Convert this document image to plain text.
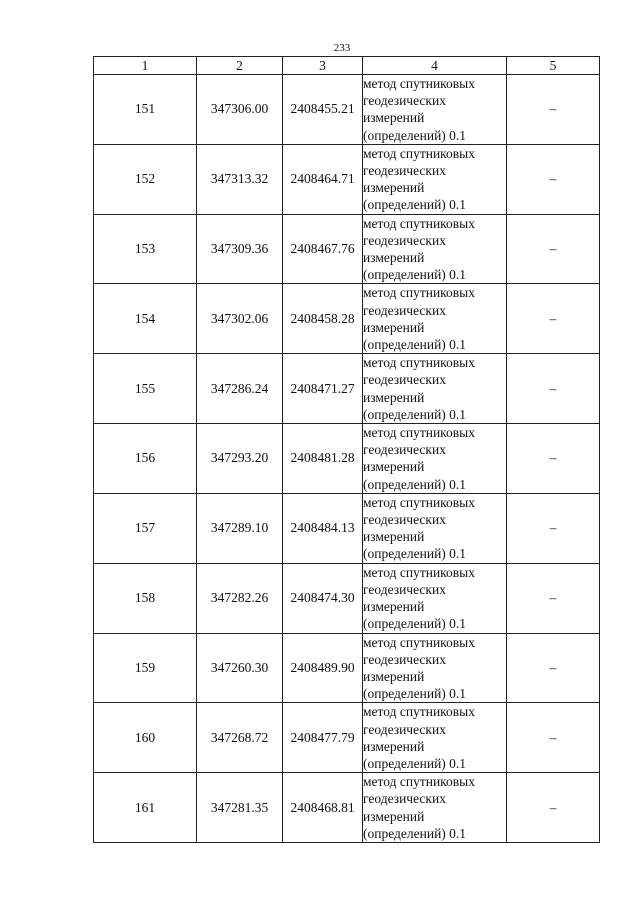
233
1	2	3	4	5
151	347306.00	2408455.21	метод спутниковых
геодезических
измерений
(определений) 0.1	–
152	347313.32	2408464.71	метод спутниковых
геодезических
измерений
(определений) 0.1	–
153	347309.36	2408467.76	метод спутниковых
геодезических
измерений
(определений) 0.1	–
154	347302.06	2408458.28	метод спутниковых
геодезических
измерений
(определений) 0.1	–
155	347286.24	2408471.27	метод спутниковых
геодезических
измерений
(определений) 0.1	–
156	347293.20	2408481.28	метод спутниковых
геодезических
измерений
(определений) 0.1	–
157	347289.10	2408484.13	метод спутниковых
геодезических
измерений
(определений) 0.1	–
158	347282.26	2408474.30	метод спутниковых
геодезических
измерений
(определений) 0.1	–
159	347260.30	2408489.90	метод спутниковых
геодезических
измерений
(определений) 0.1	–
160	347268.72	2408477.79	метод спутниковых
геодезических
измерений
(определений) 0.1	–
161	347281.35	2408468.81	метод спутниковых
геодезических
измерений
(определений) 0.1	–
